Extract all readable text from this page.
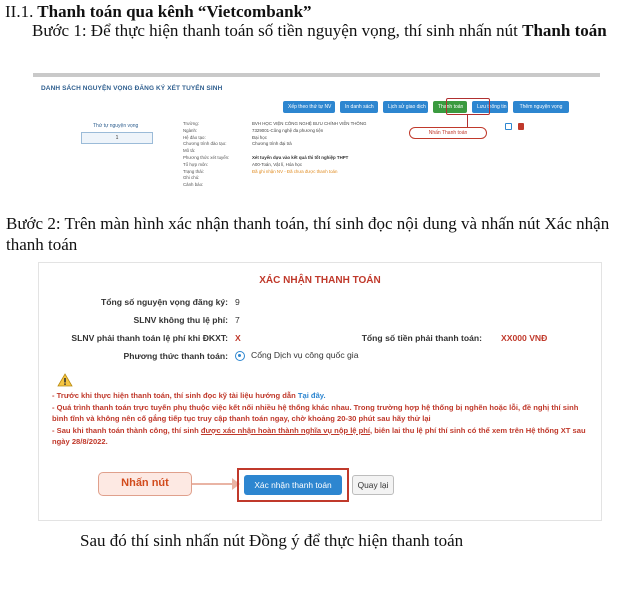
II.1. Thanh toán qua kênh “Vietcombank”
Bước 1: Để thực hiện thanh toán số tiền nguyện vọng, thí sinh nhấn nút Thanh toán
DANH SÁCH NGUYỆN VỌNG ĐĂNG KÝ XÉT TUYỂN SINH
Xếp theo thứ tự NV	In danh sách	Lịch sử giao dịch	Thanh toán	Lưu thông tin	Thêm nguyện vọng
Nhấn Thanh toán
Thứ tự nguyện vọng
1
Trường:	BVH HỌC VIỆN CÔNG NGHỆ BƯU CHÍNH VIỄN THÔNG
Ngành:	7329001-Công nghệ đa phương tiện
Hệ đào tạo:	Đại học
Chương trình đào tạo:	Chương trình đại trà
Mô tả:
Phương thức xét tuyển:	Xét tuyển dựa vào kết quả thi tốt nghiệp THPT
Tổ hợp môn:	A00-Toán, Vật lí, Hóa học
Trạng thái:	Đã ghi nhận NV - Đã chưa được thanh toán
Ghi chú:
Cảnh báo:
Bước 2: Trên màn hình xác nhận thanh toán, thí sinh đọc nội dung và nhấn nút Xác nhận thanh toán
XÁC NHẬN THANH TOÁN
Tổng số nguyện vọng đăng ký: 9
SLNV không thu lệ phí: 7
SLNV phải thanh toán lệ phí khi ĐKXT: X	Tổng số tiền phải thanh toán: XX000 VNĐ
Phương thức thanh toán:	Cổng Dịch vụ công quốc gia
- Trước khi thực hiện thanh toán, thí sinh đọc kỹ tài liệu hướng dẫn Tại đây.
- Quá trình thanh toán trực tuyến phụ thuộc việc kết nối nhiều hệ thống khác nhau. Trong trường hợp hệ thống bị nghẽn hoặc lỗi, đề nghị thí sinh bình tĩnh và không nên cố gắng tiếp tục truy cập thanh toán ngay, chờ khoảng 20-30 phút sau hãy thử lại
- Sau khi thanh toán thành công, thí sinh được xác nhận hoàn thành nghĩa vụ nộp lệ phí, biên lai thu lệ phí thí sinh có thể xem trên Hệ thống XT sau ngày 28/8/2022.
Nhấn nút	Xác nhận thanh toán	Quay lại
Sau đó thí sinh nhấn nút Đồng ý để thực hiện thanh toán
